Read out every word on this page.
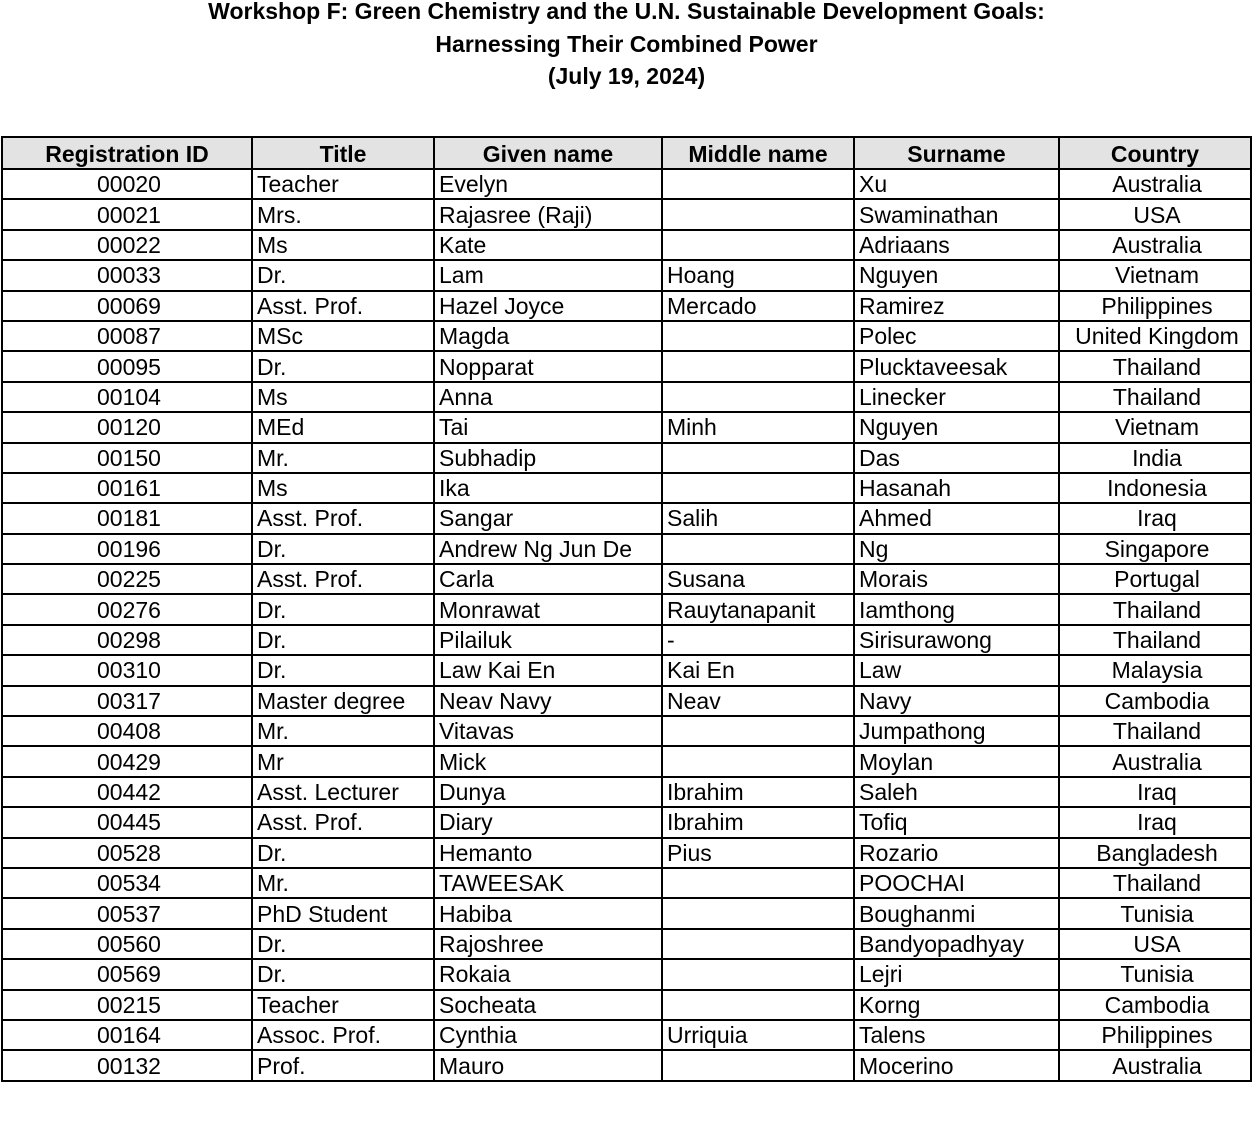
Workshop F: Green Chemistry and the U.N. Sustainable Development Goals:
Harnessing Their Combined Power
(July 19, 2024)
Registration ID	Title	Given name	Middle name	Surname	Country
00020	Teacher	Evelyn		Xu	Australia
00021	Mrs.	Rajasree (Raji)		Swaminathan	USA
00022	Ms	Kate		Adriaans	Australia
00033	Dr.	Lam	Hoang	Nguyen	Vietnam
00069	Asst. Prof.	Hazel Joyce	Mercado	Ramirez	Philippines
00087	MSc	Magda		Polec	United Kingdom
00095	Dr.	Nopparat		Plucktaveesak	Thailand
00104	Ms	Anna		Linecker	Thailand
00120	MEd	Tai	Minh	Nguyen	Vietnam
00150	Mr.	Subhadip		Das	India
00161	Ms	Ika		Hasanah	Indonesia
00181	Asst. Prof.	Sangar	Salih	Ahmed	Iraq
00196	Dr.	Andrew Ng Jun De		Ng	Singapore
00225	Asst. Prof.	Carla	Susana	Morais	Portugal
00276	Dr.	Monrawat	Rauytanapanit	Iamthong	Thailand
00298	Dr.	Pilailuk	-	Sirisurawong	Thailand
00310	Dr.	Law Kai En	Kai En	Law	Malaysia
00317	Master degree	Neav Navy	Neav	Navy	Cambodia
00408	Mr.	Vitavas		Jumpathong	Thailand
00429	Mr	Mick		Moylan	Australia
00442	Asst. Lecturer	Dunya	Ibrahim	Saleh	Iraq
00445	Asst. Prof.	Diary	Ibrahim	Tofiq	Iraq
00528	Dr.	Hemanto	Pius	Rozario	Bangladesh
00534	Mr.	TAWEESAK		POOCHAI	Thailand
00537	PhD Student	Habiba		Boughanmi	Tunisia
00560	Dr.	Rajoshree		Bandyopadhyay	USA
00569	Dr.	Rokaia		Lejri	Tunisia
00215	Teacher	Socheata		Korng	Cambodia
00164	Assoc. Prof.	Cynthia	Urriquia	Talens	Philippines
00132	Prof.	Mauro		Mocerino	Australia
